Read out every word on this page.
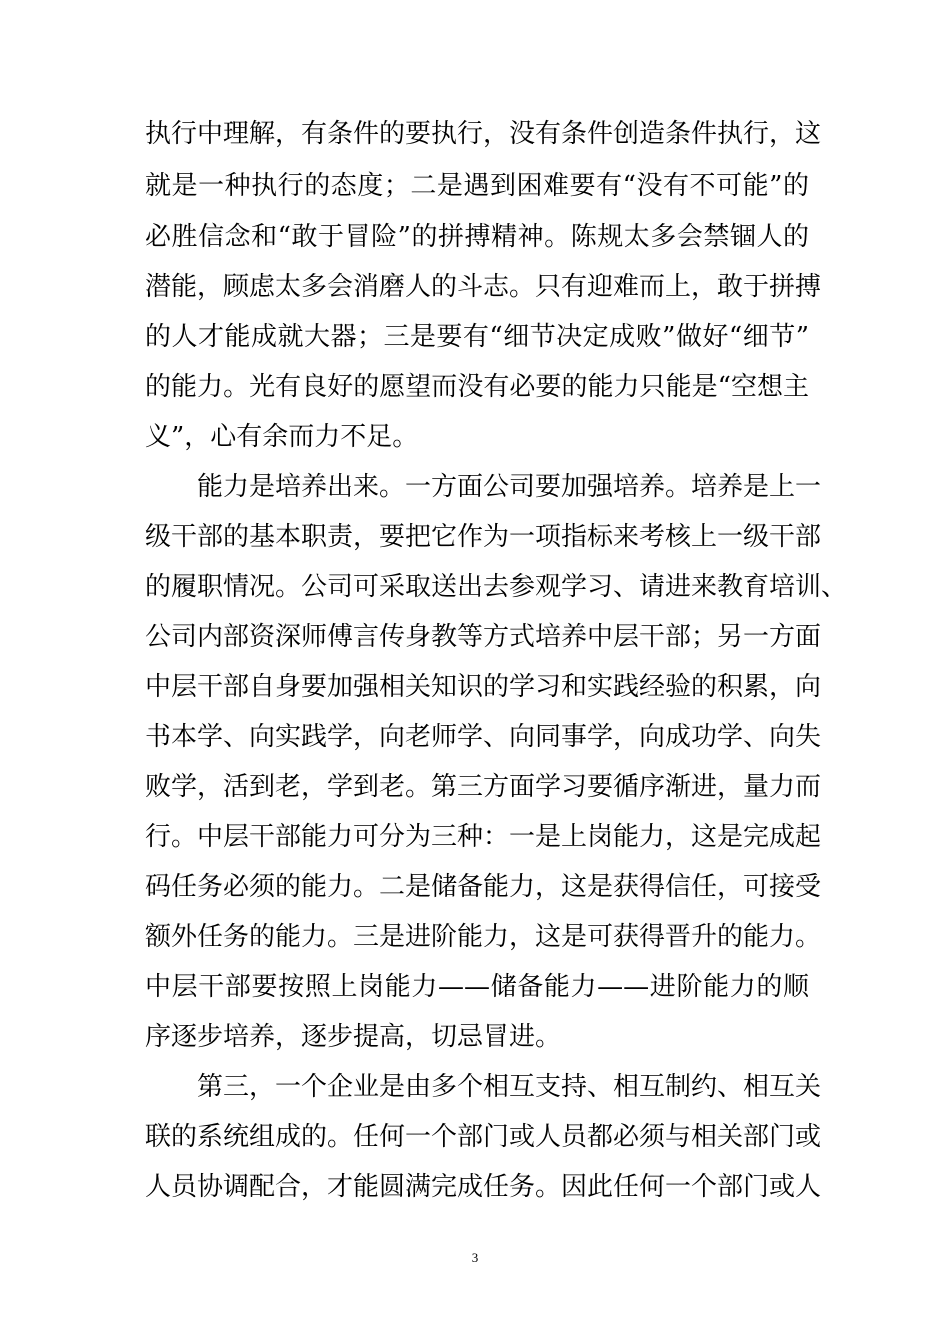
执行中理解，有条件的要执行，没有条件创造条件执行，这
就是一种执行的态度；二是遇到困难要有“没有不可能”的
必胜信念和“敢于冒险”的拼搏精神。陈规太多会禁锢人的
潜能，顾虑太多会消磨人的斗志。只有迎难而上，敢于拼搏
的人才能成就大器；三是要有“细节决定成败”做好“细节”
的能力。光有良好的愿望而没有必要的能力只能是“空想主
义”，心有余而力不足。
能力是培养出来。一方面公司要加强培养。培养是上一
级干部的基本职责，要把它作为一项指标来考核上一级干部
的履职情况。公司可采取送出去参观学习、请进来教育培训、
公司内部资深师傅言传身教等方式培养中层干部；另一方面
中层干部自身要加强相关知识的学习和实践经验的积累，向
书本学、向实践学，向老师学、向同事学，向成功学、向失
败学，活到老，学到老。第三方面学习要循序渐进，量力而
行。中层干部能力可分为三种：一是上岗能力，这是完成起
码任务必须的能力。二是储备能力，这是获得信任，可接受
额外任务的能力。三是进阶能力，这是可获得晋升的能力。
中层干部要按照上岗能力——储备能力——进阶能力的顺
序逐步培养，逐步提高，切忌冒进。
第三，一个企业是由多个相互支持、相互制约、相互关
联的系统组成的。任何一个部门或人员都必须与相关部门或
人员协调配合，才能圆满完成任务。因此任何一个部门或人
3
